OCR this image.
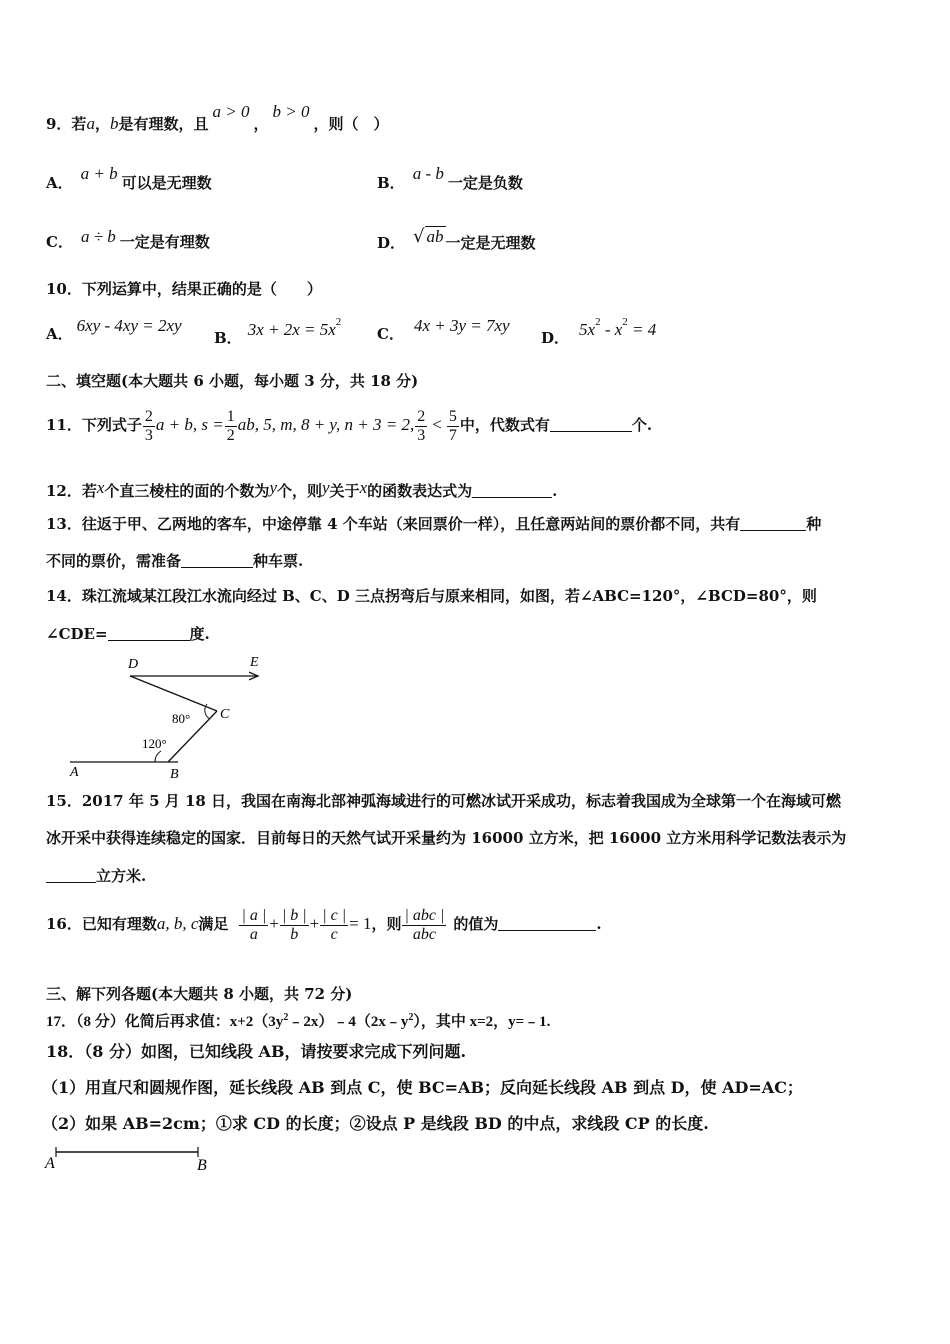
9．若a，b是有理数，且a > 0，b > 0，则（　）
A． a + b 可以是无理数	B． a - b 一定是负数
C． a ÷ b 一定是有理数	D． √ ab 一定是无理数
10．下列运算中，结果正确的是（　　）
A． 6xy - 4xy = 2xy
B． $3x + 2x = 5x^2$
C． 4x + 3y = 7xy
D． $5x^2 - x^2 = 4$
二、填空题(本大题共 6 小题，每小题 3 分，共 18 分)
11．下列式子 $\frac{2}{3}$ a + b, $s = \frac{1}{2}$ ab, 5, m, 8 + y, n + 3 = 2, $\frac{2}{3} < \frac{5}{7}$ 中，代数式有	个.
12．若x个直三棱柱的面的个数为y个，则y关于x的函数表达式为	.
13．往返于甲、乙两地的客车，中途停靠 4 个车站（来回票价一样），且任意两站间的票价都不同，共有	种
不同的票价，需准备	种车票.
14．珠江流域某江段江水流向经过 B、C、D 三点拐弯后与原来相同，如图，若∠ABC=120°，∠BCD=80°，则
∠CDE=	度.
D	E
C
A	B
80°
120°
15．2017 年 5 月 18 日，我国在南海北部神弧海域进行的可燃冰试开采成功，标志着我国成为全球第一个在海域可燃
冰开采中获得连续稳定的国家．目前每日的天然气试开采量约为 16000 立方米，把 16000 立方米用科学记数法表示为
立方米.
16．已知有理数a, b, c满足 $\frac{| a |}{a} + \frac{| b |}{b} + \frac{| c |}{c} = 1$，则 $\frac{\text{| abc |}}{\text{abc}}$ 的值为	.
三、解下列各题(本大题共 8 小题，共 72 分)
17．（8 分）化简后再求值：$x+2(3y^2﹣2x)﹣4(2x﹣y^2)$，其中 x=2，y=﹣1.
18．（8 分）如图，已知线段 AB，请按要求完成下列问题.
（1）用直尺和圆规作图，延长线段 AB 到点 C，使 BC=AB；反向延长线段 AB 到点 D，使 AD=AC；
（2）如果 AB=2cm；①求 CD 的长度；②设点 P 是线段 BD 的中点，求线段 CP 的长度.
A	B
